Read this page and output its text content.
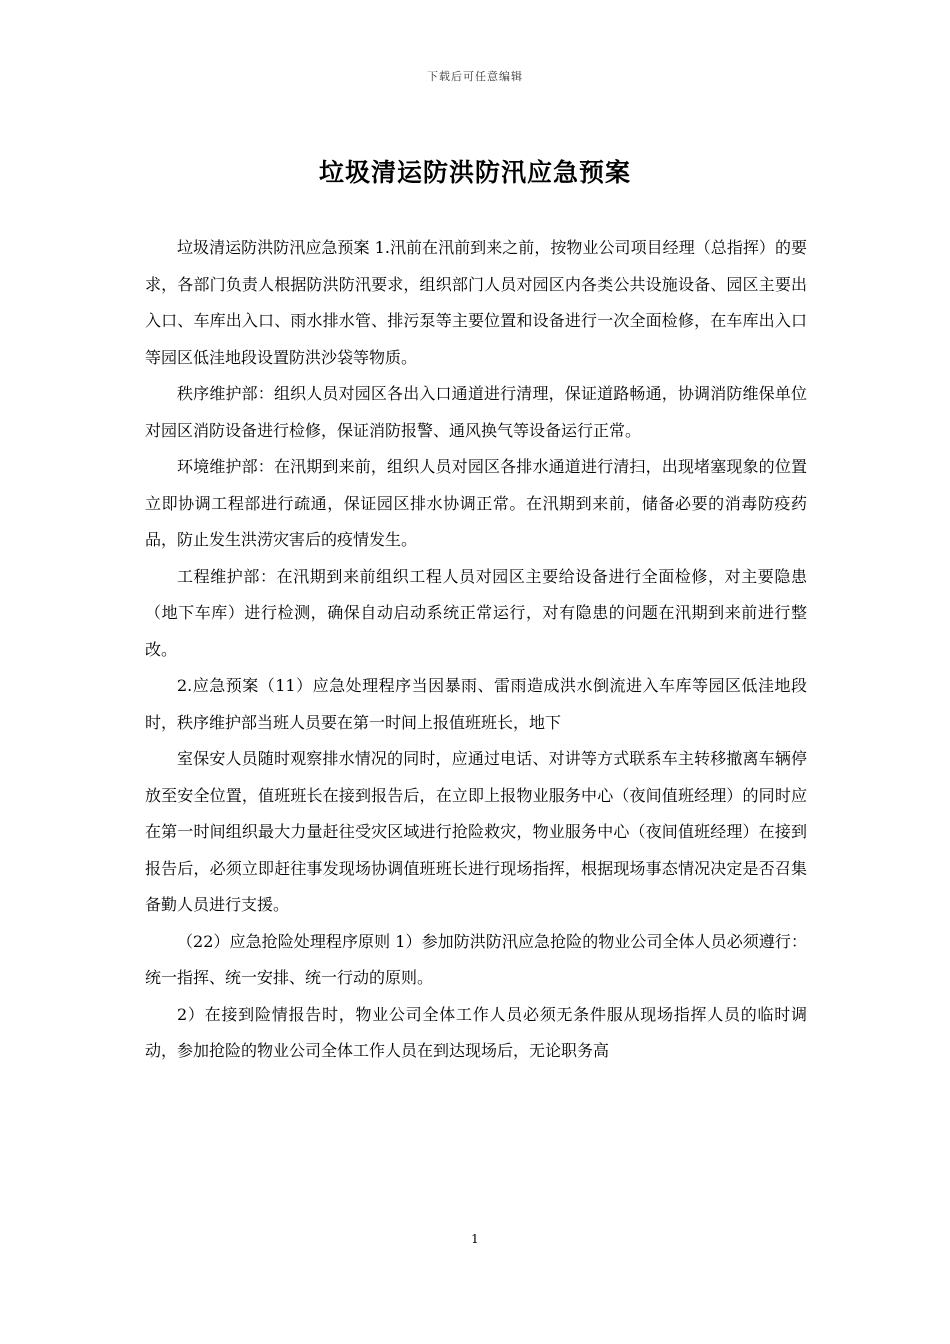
下载后可任意编辑
垃圾清运防洪防汛应急预案

垃圾清运防洪防汛应急预案 1.汛前在汛前到来之前，按物业公司项目经理（总指挥）的要求，各部门负责人根据防洪防汛要求，组织部门人员对园区内各类公共设施设备、园区主要出入口、车库出入口、雨水排水管、排污泵等主要位置和设备进行一次全面检修，在车库出入口等园区低洼地段设置防洪沙袋等物质。

秩序维护部：组织人员对园区各出入口通道进行清理，保证道路畅通，协调消防维保单位对园区消防设备进行检修，保证消防报警、通风换气等设备运行正常。

环境维护部：在汛期到来前，组织人员对园区各排水通道进行清扫，出现堵塞现象的位置立即协调工程部进行疏通，保证园区排水协调正常。在汛期到来前，储备必要的消毒防疫药品，防止发生洪涝灾害后的疫情发生。

工程维护部：在汛期到来前组织工程人员对园区主要给设备进行全面检修，对主要隐患（地下车库）进行检测，确保自动启动系统正常运行，对有隐患的问题在汛期到来前进行整改。

2.应急预案（11）应急处理程序当因暴雨、雷雨造成洪水倒流进入车库等园区低洼地段时，秩序维护部当班人员要在第一时间上报值班班长，地下

室保安人员随时观察排水情况的同时，应通过电话、对讲等方式联系车主转移撤离车辆停放至安全位置，值班班长在接到报告后，在立即上报物业服务中心（夜间值班经理）的同时应在第一时间组织最大力量赶往受灾区域进行抢险救灾，物业服务中心（夜间值班经理）在接到报告后，必须立即赶往事发现场协调值班班长进行现场指挥，根据现场事态情况决定是否召集备勤人员进行支援。

（22）应急抢险处理程序原则 1）参加防洪防汛应急抢险的物业公司全体人员必须遵行：统一指挥、统一安排、统一行动的原则。

2）在接到险情报告时，物业公司全体工作人员必须无条件服从现场指挥人员的临时调动，参加抢险的物业公司全体工作人员在到达现场后，无论职务高

1
